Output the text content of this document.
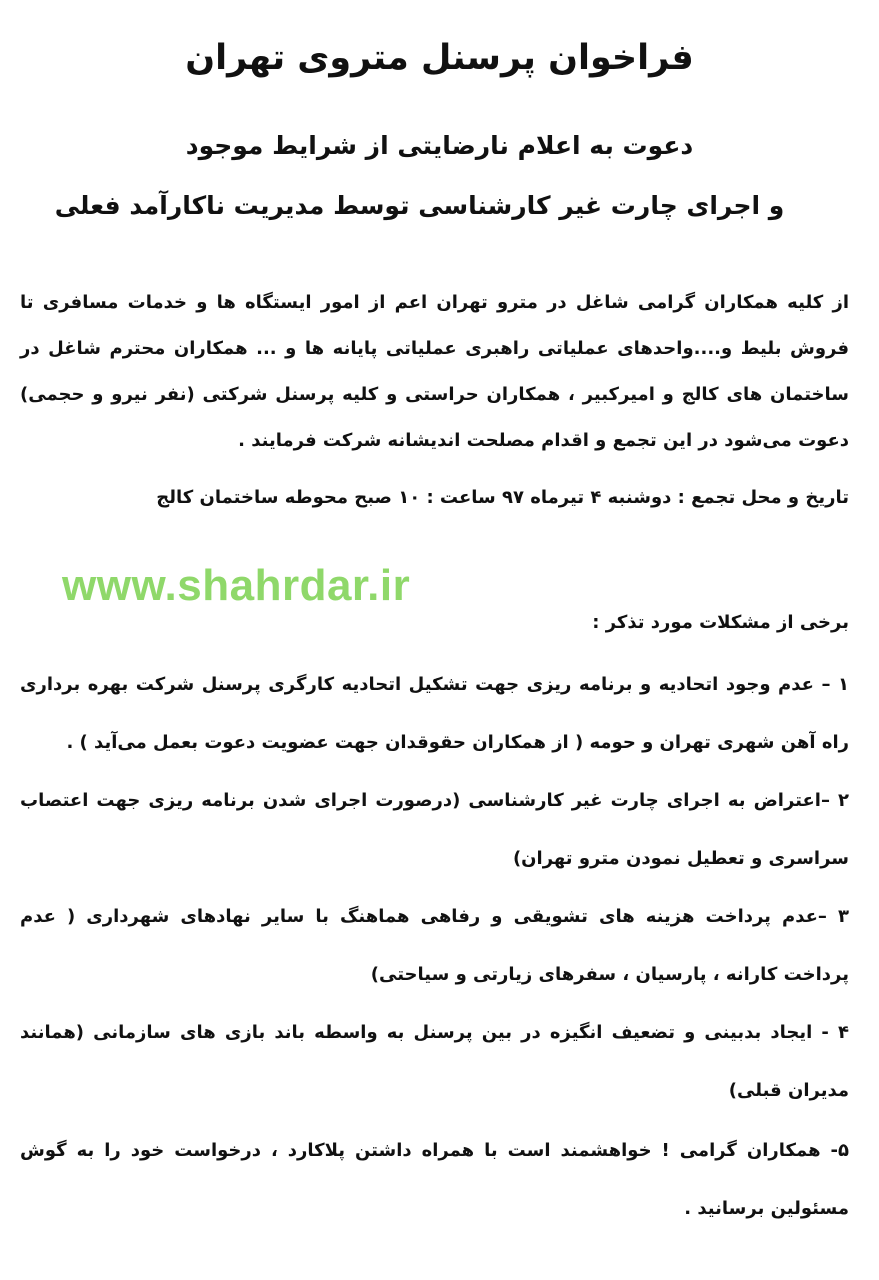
فراخوان پرسنل متروی تهران
دعوت به اعلام نارضایتی از شرایط موجود
و اجرای چارت غیر کارشناسی توسط مدیریت ناکارآمد فعلی
از کلیه همکاران گرامی شاغل در مترو تهران اعم از امور ایستگاه ها و خدمات مسافری تا فروش بلیط و....واحدهای عملیاتی راهبری عملیاتی پایانه ها و ... همکاران محترم شاغل در ساختمان های کالج و امیرکبیر ، همکاران حراستی و کلیه پرسنل شرکتی (نفر نیرو و حجمی) دعوت می‌شود در این تجمع و اقدام مصلحت اندیشانه شرکت فرمایند .
تاریخ و محل تجمع : دوشنبه ۴ تیرماه ۹۷ ساعت : ۱۰ صبح محوطه ساختمان کالج
www.shahrdar.ir
برخی از مشکلات مورد تذکر :
۱ – عدم وجود اتحادیه و برنامه ریزی جهت تشکیل اتحادیه کارگری پرسنل شرکت بهره برداری راه آهن شهری تهران و حومه ( از همکاران حقوقدان جهت عضویت دعوت بعمل می‌آید ) .
۲ –اعتراض به اجرای چارت غیر کارشناسی (درصورت اجرای شدن برنامه ریزی جهت اعتصاب سراسری و تعطیل نمودن مترو تهران)
۳ –عدم پرداخت هزینه های تشویقی و رفاهی هماهنگ با سایر نهادهای شهرداری ( عدم پرداخت کارانه ، پارسیان ، سفرهای زیارتی و سیاحتی)
۴ - ایجاد بدبینی و تضعیف انگیزه در بین پرسنل به واسطه باند بازی های سازمانی (همانند مدیران قبلی)
۵- همکاران گرامی ! خواهشمند است با همراه داشتن پلاکارد ، درخواست خود را به گوش مسئولین برسانید .
